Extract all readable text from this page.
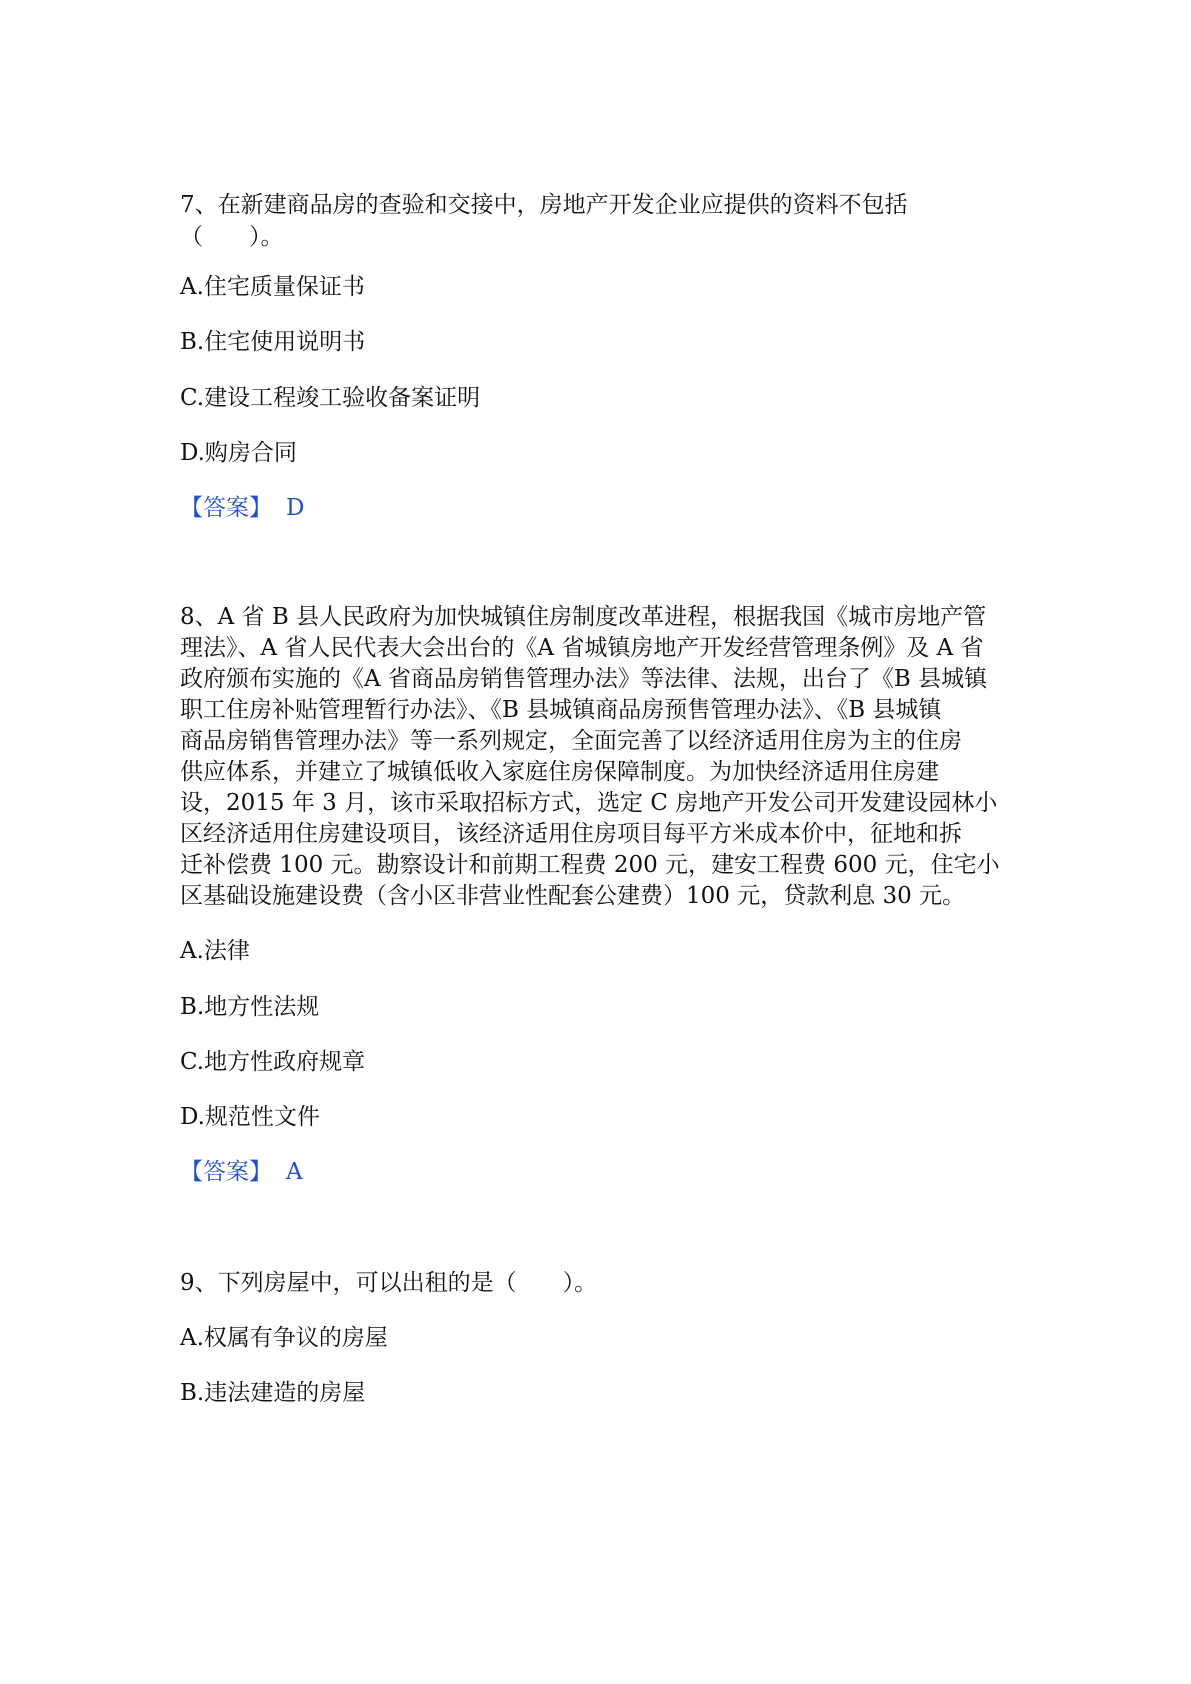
7、在新建商品房的查验和交接中，房地产开发企业应提供的资料不包括
（　　）。
A.住宅质量保证书
B.住宅使用说明书
C.建设工程竣工验收备案证明
D.购房合同
【答案】 D
8、A 省 B 县人民政府为加快城镇住房制度改革进程，根据我国《城市房地产管
理法》、A 省人民代表大会出台的《A 省城镇房地产开发经营管理条例》及 A 省
政府颁布实施的《A 省商品房销售管理办法》等法律、法规，出台了《B 县城镇
职工住房补贴管理暂行办法》、《B 县城镇商品房预售管理办法》、《B 县城镇
商品房销售管理办法》等一系列规定，全面完善了以经济适用住房为主的住房
供应体系，并建立了城镇低收入家庭住房保障制度。为加快经济适用住房建
设，2015 年 3 月，该市采取招标方式，选定 C 房地产开发公司开发建设园林小
区经济适用住房建设项目，该经济适用住房项目每平方米成本价中，征地和拆
迁补偿费 100 元。勘察设计和前期工程费 200 元，建安工程费 600 元，住宅小
区基础设施建设费（含小区非营业性配套公建费）100 元，贷款利息 30 元。
A.法律
B.地方性法规
C.地方性政府规章
D.规范性文件
【答案】 A
9、下列房屋中，可以出租的是（　　）。
A.权属有争议的房屋
B.违法建造的房屋
